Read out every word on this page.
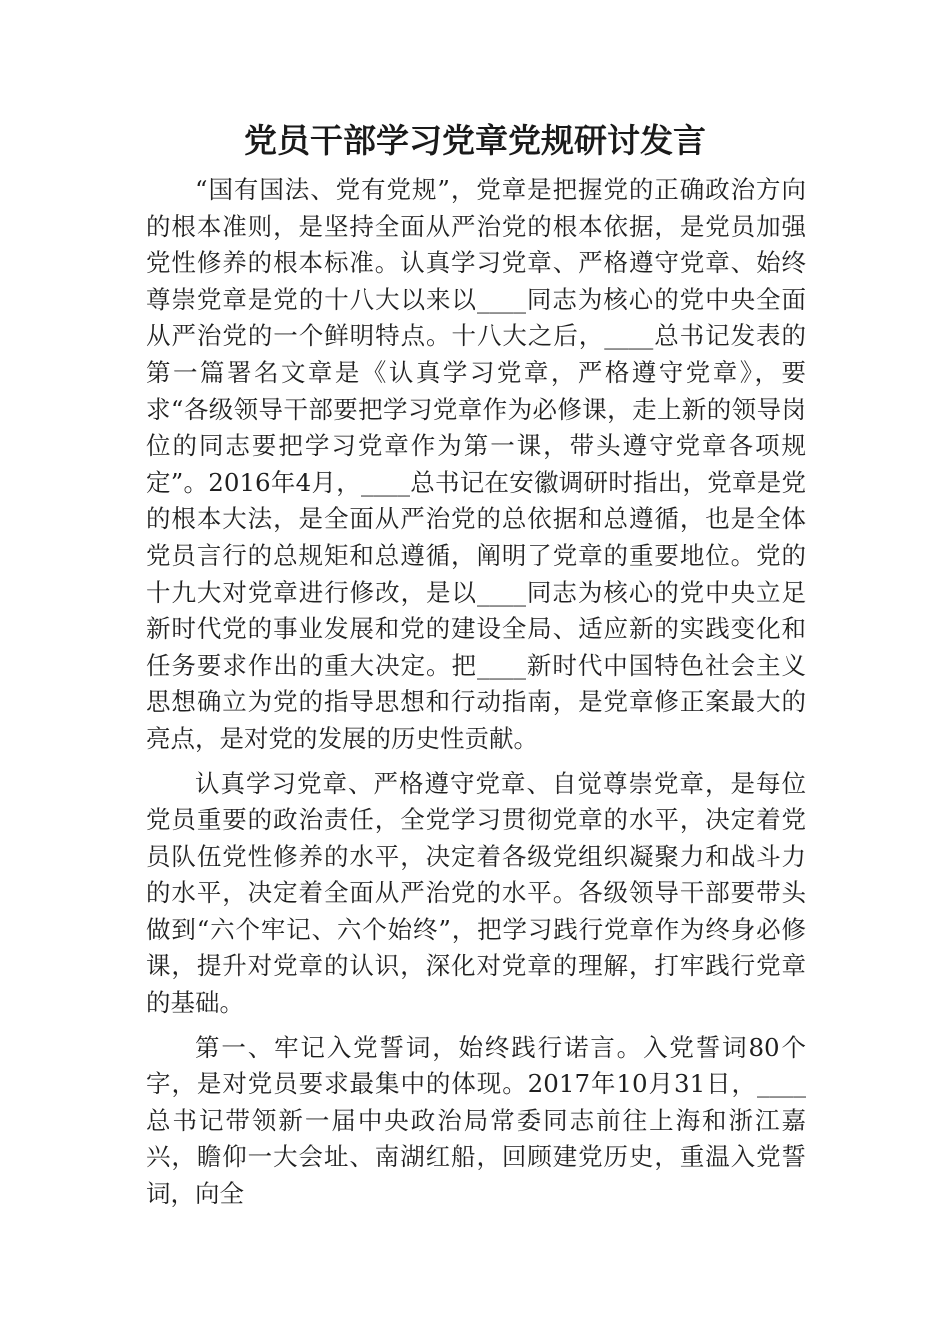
党员干部学习党章党规研讨发言

“国有国法、党有党规”，党章是把握党的正确政治方向的根本准则，是坚持全面从严治党的根本依据，是党员加强党性修养的根本标准。认真学习党章、严格遵守党章、始终尊崇党章是党的十八大以来以____同志为核心的党中央全面从严治党的一个鲜明特点。十八大之后，____总书记发表的第一篇署名文章是《认真学习党章，严格遵守党章》，要求“各级领导干部要把学习党章作为必修课，走上新的领导岗位的同志要把学习党章作为第一课，带头遵守党章各项规定”。2016年4月，____总书记在安徽调研时指出，党章是党的根本大法，是全面从严治党的总依据和总遵循，也是全体党员言行的总规矩和总遵循，阐明了党章的重要地位。党的十九大对党章进行修改，是以____同志为核心的党中央立足新时代党的事业发展和党的建设全局、适应新的实践变化和任务要求作出的重大决定。把____新时代中国特色社会主义思想确立为党的指导思想和行动指南，是党章修正案最大的亮点，是对党的发展的历史性贡献。

认真学习党章、严格遵守党章、自觉尊崇党章，是每位党员重要的政治责任，全党学习贯彻党章的水平，决定着党员队伍党性修养的水平，决定着各级党组织凝聚力和战斗力的水平，决定着全面从严治党的水平。各级领导干部要带头做到“六个牢记、六个始终”，把学习践行党章作为终身必修课，提升对党章的认识，深化对党章的理解，打牢践行党章的基础。

第一、牢记入党誓词，始终践行诺言。入党誓词80个字，是对党员要求最集中的体现。2017年10月31日，____总书记带领新一届中央政治局常委同志前往上海和浙江嘉兴，瞻仰一大会址、南湖红船，回顾建党历史，重温入党誓词，向全
